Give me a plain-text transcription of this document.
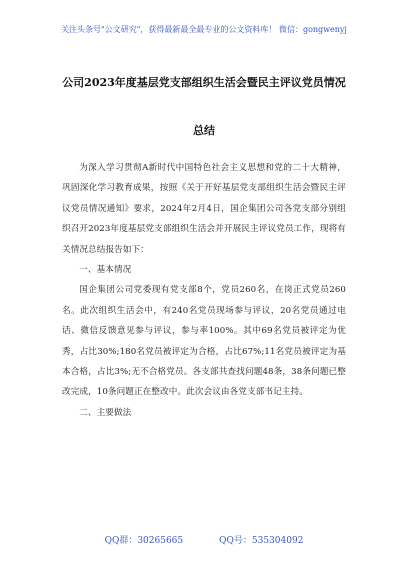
关注头条号"公文研究"，获得最新最全最专业的公文资料库！ 微信：gongwenyj
公司2023年度基层党支部组织生活会暨民主评议党员情况
总结

为深入学习贯彻A新时代中国特色社会主义思想和党的二十大精神，巩固深化学习教育成果，按照《关于开好基层党支部组织生活会暨民主评议党员情况通知》要求，2024年2月4日，国企集团公司各党支部分别组织召开2023年度基层党支部组织生活会并开展民主评议党员工作，现将有关情况总结报告如下：

一、基本情况

国企集团公司党委现有党支部8个，党员260名，在岗正式党员260名。此次组织生活会中，有240名党员现场参与评议，20名党员通过电话、微信反馈意见参与评议，参与率100%。其中69名党员被评定为优秀，占比30%;180名党员被评定为合格，占比67%;11名党员被评定为基本合格，占比3%;无不合格党员。各支部共查找问题48条，38条问题已整改完成，10条问题正在整改中。此次会议由各党支部书记主持。

二、主要做法

QQ群：30265665	QQ号：535304092
